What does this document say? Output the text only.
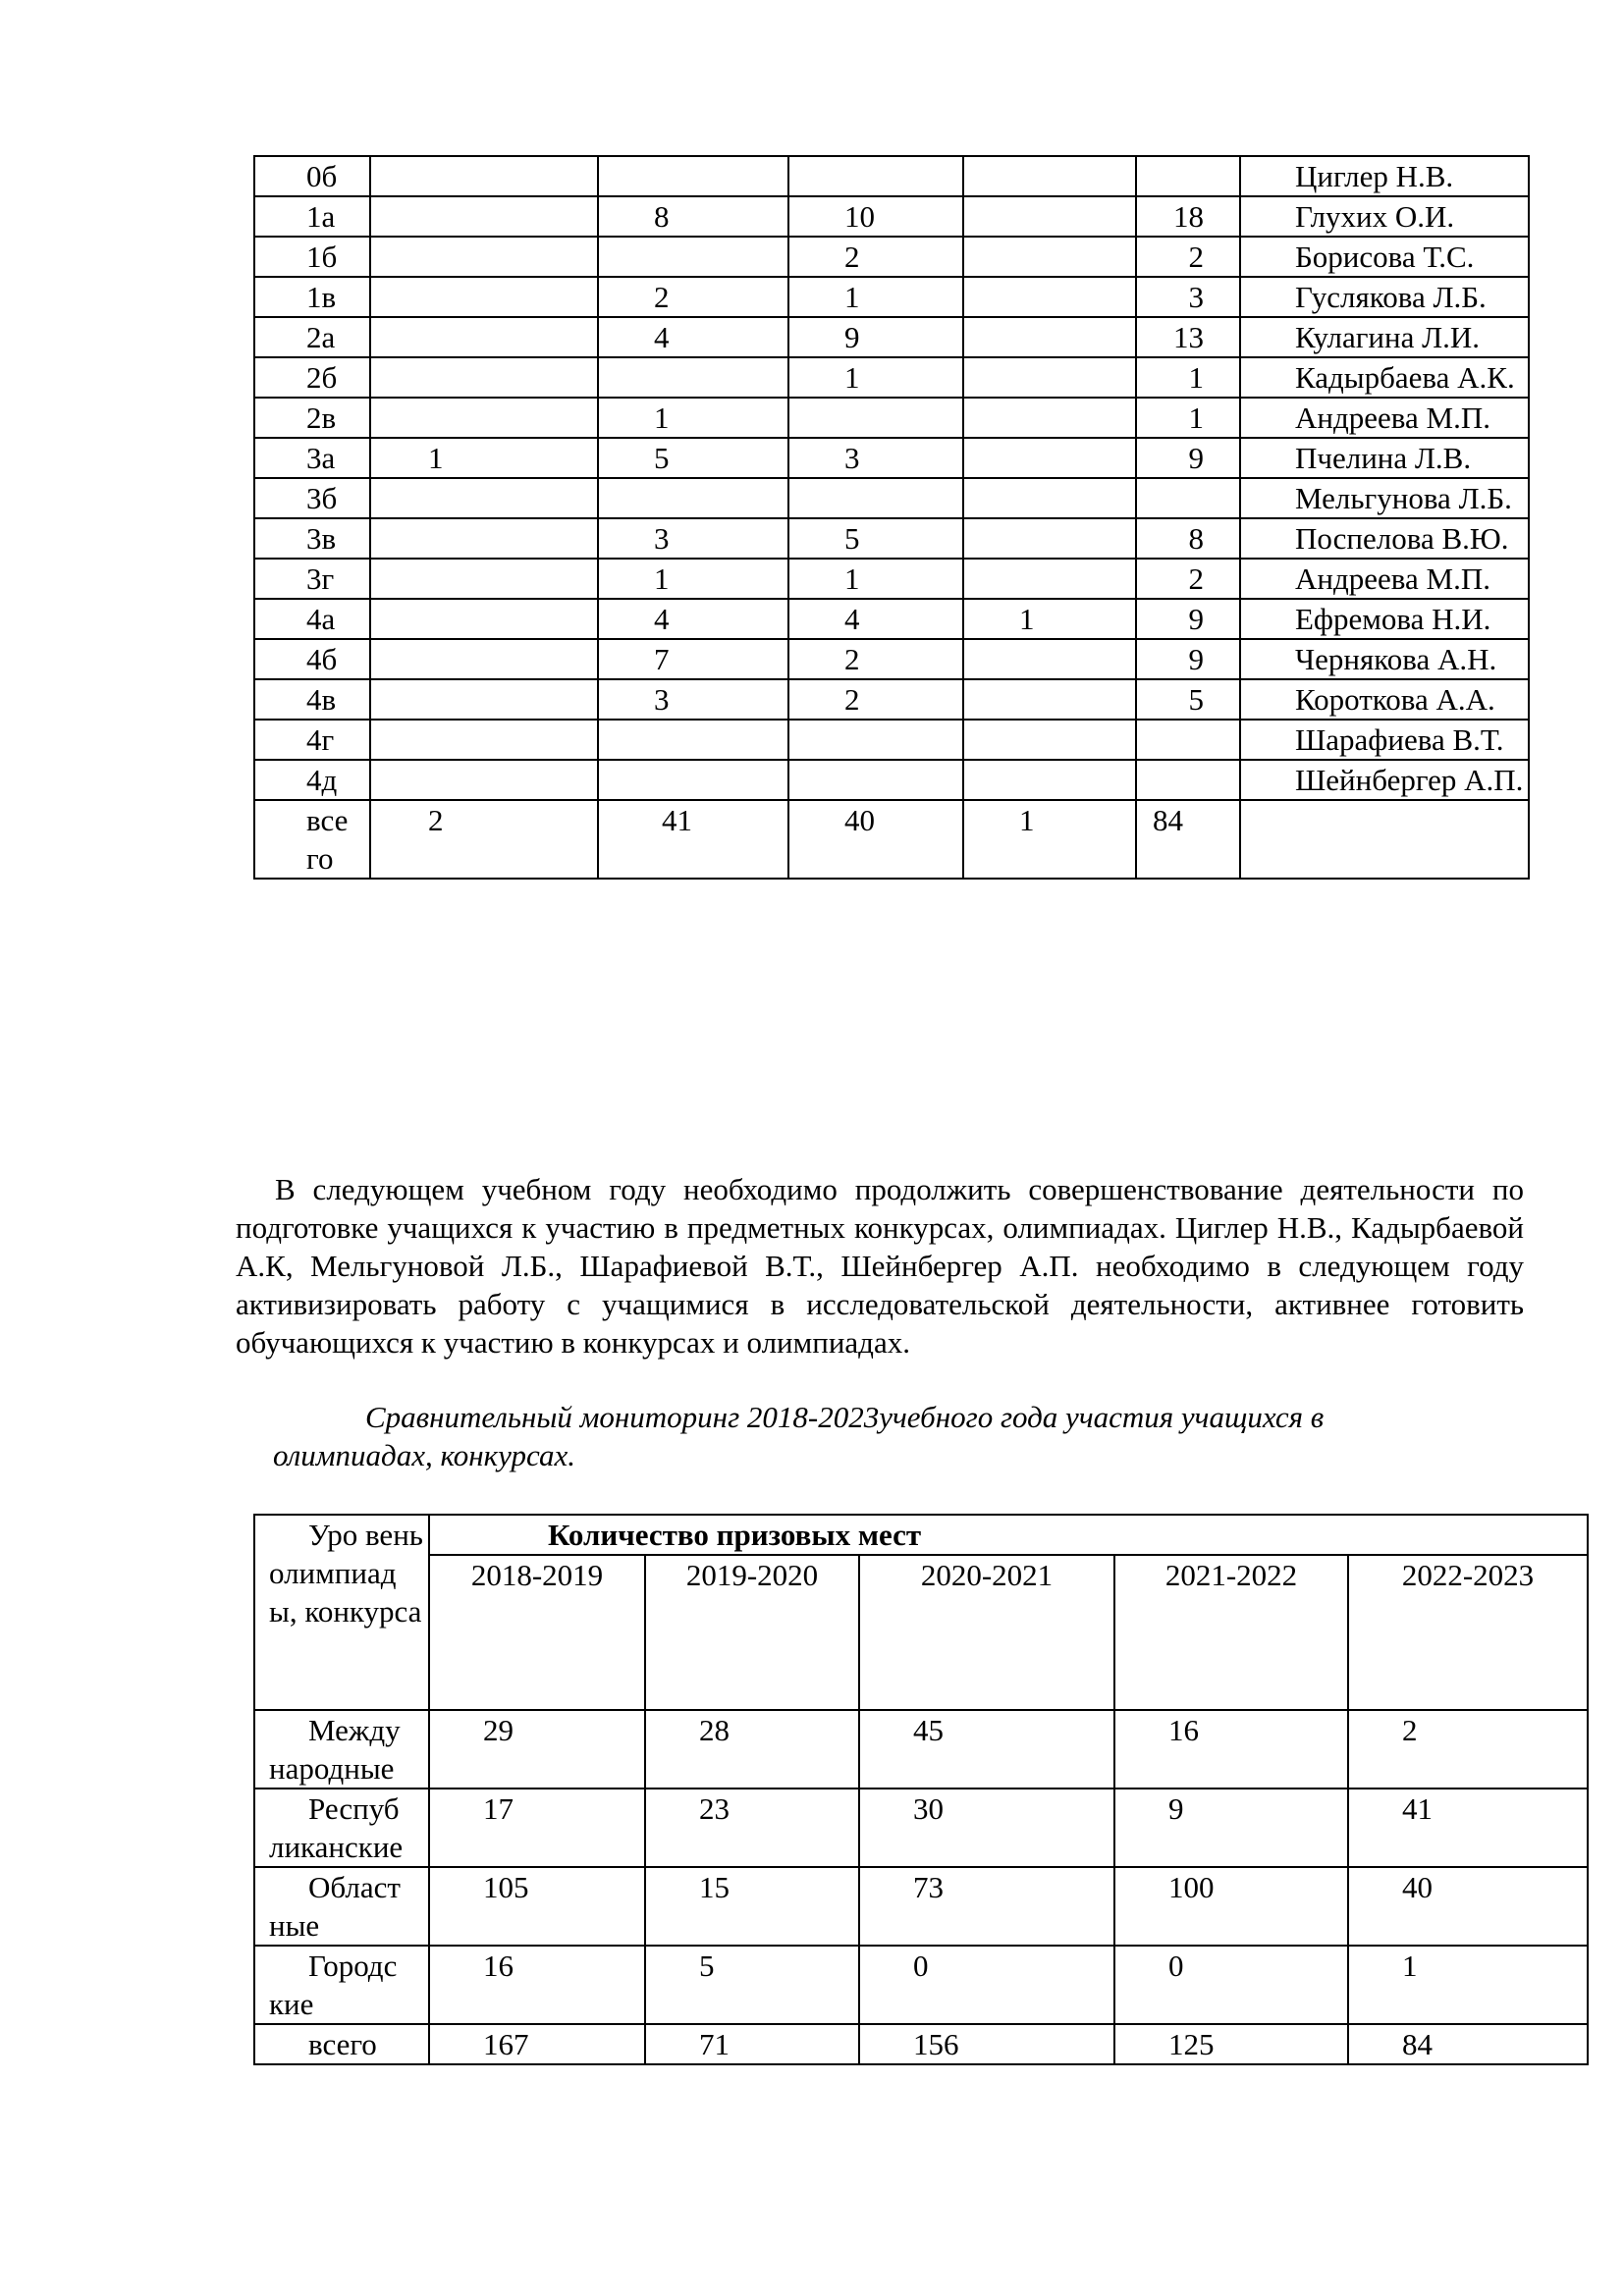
0б						Циглер Н.В.
1а		8	10		18	Глухих О.И.
1б			2		2	Борисова Т.С.
1в		2	1		3	Гуслякова Л.Б.
2а		4	9		13	Кулагина Л.И.
2б			1		1	Кадырбаева А.К.
2в		1			1	Андреева М.П.
3а	1	5	3		9	Пчелина Л.В.
3б						Мельгунова Л.Б.
3в		3	5		8	Поспелова В.Ю.
3г		1	1		2	Андреева М.П.
4а		4	4	1	9	Ефремова Н.И.
4б		7	2		9	Чернякова А.Н.
4в		3	2		5	Короткова А.А.
4г						Шарафиева В.Т.
4д						Шейнбергер А.П.
все го	2	41	40	1	84	

В следующем учебном году необходимо продолжить совершенствование деятельности по подготовке учащихся к участию в предметных конкурсах, олимпиадах. Циглер Н.В., Кадырбаевой А.К, Мельгуновой Л.Б., Шарафиевой В.Т., Шейнбергер А.П. необходимо в следующем году активизировать работу с учащимися в исследовательской деятельности, активнее готовить обучающихся к участию в конкурсах и олимпиадах.

Сравнительный мониторинг 2018-2023учебного года участия учащихся в олимпиадах, конкурсах.

Уро вень олимпиад ы, конкурса	Количество призовых мест				
	2018-2019	2019-2020	2020-2021	2021-2022	2022-2023
Между народные	29	28	45	16	2
Респуб ликанские	17	23	30	9	41
Област ные	105	15	73	100	40
Городс кие	16	5	0	0	1
всего	167	71	156	125	84
